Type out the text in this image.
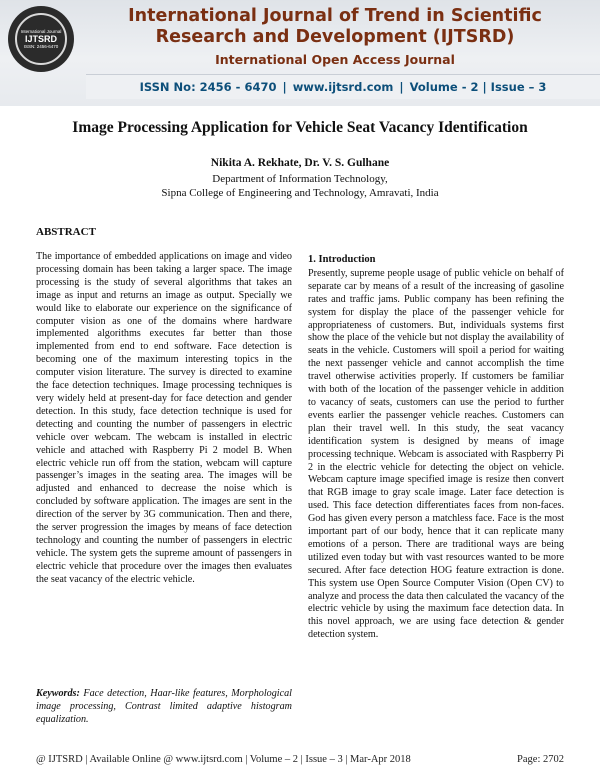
International Journal
IJTSRD
ISSN: 2456-6470
International Journal of Trend in Scientific
Research and Development (IJTSRD)
International Open Access Journal
ISSN No: 2456 - 6470 | www.ijtsrd.com | Volume - 2 | Issue – 3
Image Processing Application for Vehicle Seat Vacancy Identification
Nikita A. Rekhate, Dr. V. S. Gulhane
Department of Information Technology,
Sipna College of Engineering and Technology, Amravati, India
ABSTRACT

The importance of embedded applications on image and video processing domain has been taking a larger space. The image processing is the study of several algorithms that takes an image as input and returns an image as output. Specially we would like to elaborate our experience on the significance of computer vision as one of the domains where hardware implemented algorithms executes far better than those implemented from end to end software. Face detection is becoming one of the maximum interesting topics in the computer vision literature. The survey is directed to examine the face detection techniques. Image processing techniques is very widely held at present-day for face detection and gender detection. In this study, face detection technique is used for detecting and counting the number of passengers in electric vehicle over webcam. The webcam is installed in electric vehicle and attached with Raspberry Pi 2 model B. When electric vehicle run off from the station, webcam will capture passenger’s images in the seating area. The images will be adjusted and enhanced to decrease the noise which is concluded by software application. The images are sent in the direction of the server by 3G communication. Then and there, the server progression the images by means of face detection technology and counting the number of passengers in electric vehicle. The system gets the supreme amount of passengers in electric vehicle that procedure over the images then evaluates the seat vacancy of the electric vehicle.

Keywords: Face detection, Haar-like features, Morphological image processing, Contrast limited adaptive histogram equalization.
1. Introduction

Presently, supreme people usage of public vehicle on behalf of separate car by means of a result of the increasing of gasoline rates and traffic jams. Public company has been refining the system for display the place of the passenger vehicle for appropriateness of customers. But, individuals systems first show the place of the vehicle but not display the availability of seats in the vehicle. Customers will spoil a period for waiting the next passenger vehicle and cannot accomplish the time travel otherwise activities properly. If customers be familiar with both of the location of the passenger vehicle in addition to vacancy of seats, customers can use the period to further events earlier the passenger vehicle reaches. Customers can plan their travel well. In this study, the seat vacancy identification system is designed by means of image processing technique. Webcam is associated with Raspberry Pi 2 in the electric vehicle for detecting the object on vehicle. Webcam capture image specified image is resize then convert that RGB image to gray scale image. Later face detection is used. This face detection differentiates faces from non-faces. God has given every person a matchless face. Face is the most important part of our body, hence that it can replicate many emotions of a person. There are traditional ways are being utilized even today but with vast resources wanted to be more secured. After face detection HOG feature extraction is done. This system use Open Source Computer Vision (Open CV) to analyze and process the data then calculated the vacancy of the electric vehicle by using the maximum face detection data. In this novel approach, we are using face detection & gender detection system.

@ IJTSRD | Available Online @ www.ijtsrd.com | Volume – 2 | Issue – 3 | Mar-Apr 2018	Page: 2702
